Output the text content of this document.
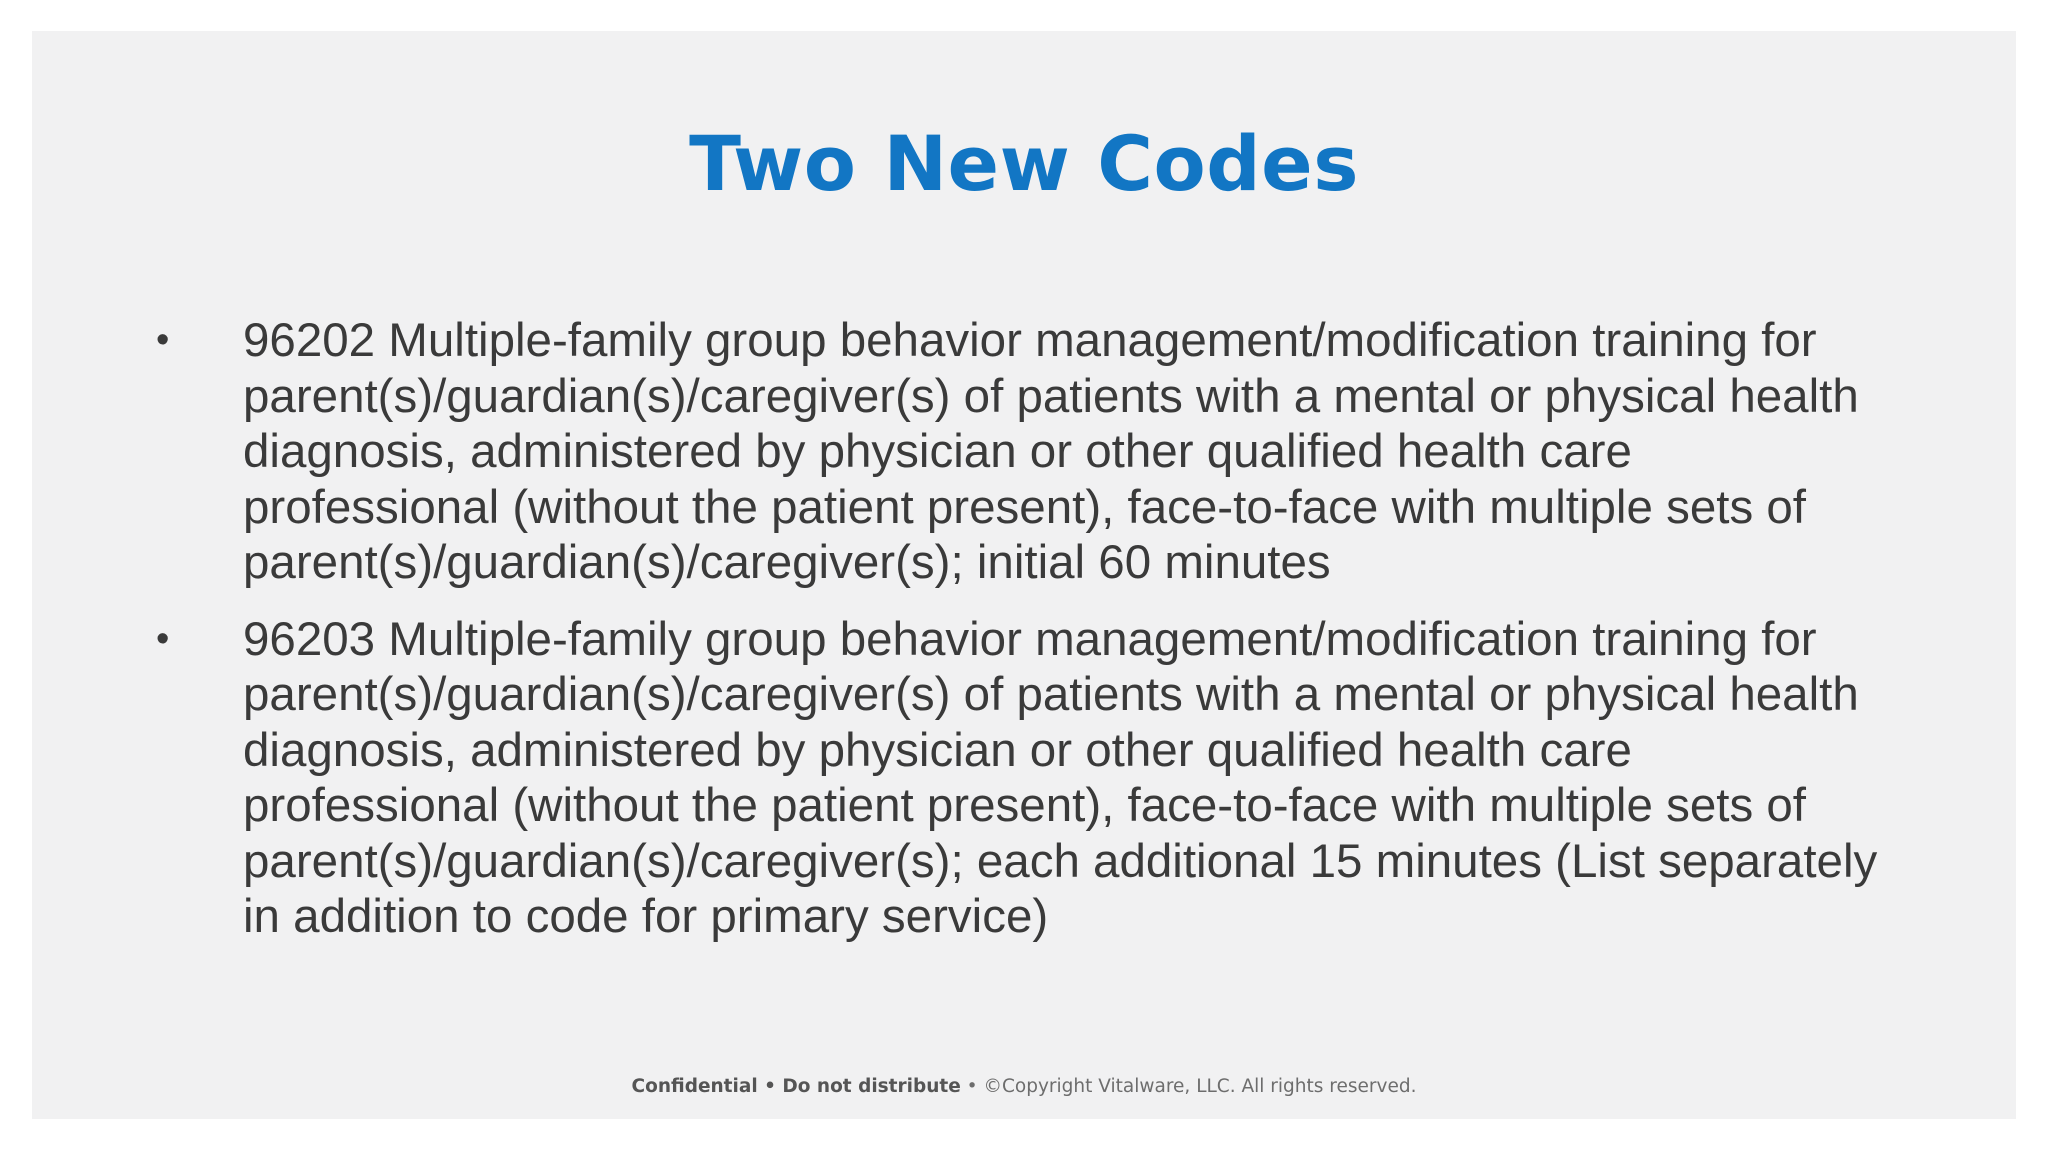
Two New Codes
• 96202 Multiple-family group behavior management/modification training for parent(s)/guardian(s)/caregiver(s) of patients with a mental or physical health diagnosis, administered by physician or other qualified health care professional (without the patient present), face-to-face with multiple sets of parent(s)/guardian(s)/caregiver(s); initial 60 minutes

• 96203 Multiple-family group behavior management/modification training for parent(s)/guardian(s)/caregiver(s) of patients with a mental or physical health diagnosis, administered by physician or other qualified health care professional (without the patient present), face-to-face with multiple sets of parent(s)/guardian(s)/caregiver(s); each additional 15 minutes (List separately in addition to code for primary service)

Confidential • Do not distribute • ©Copyright Vitalware, LLC. All rights reserved.
